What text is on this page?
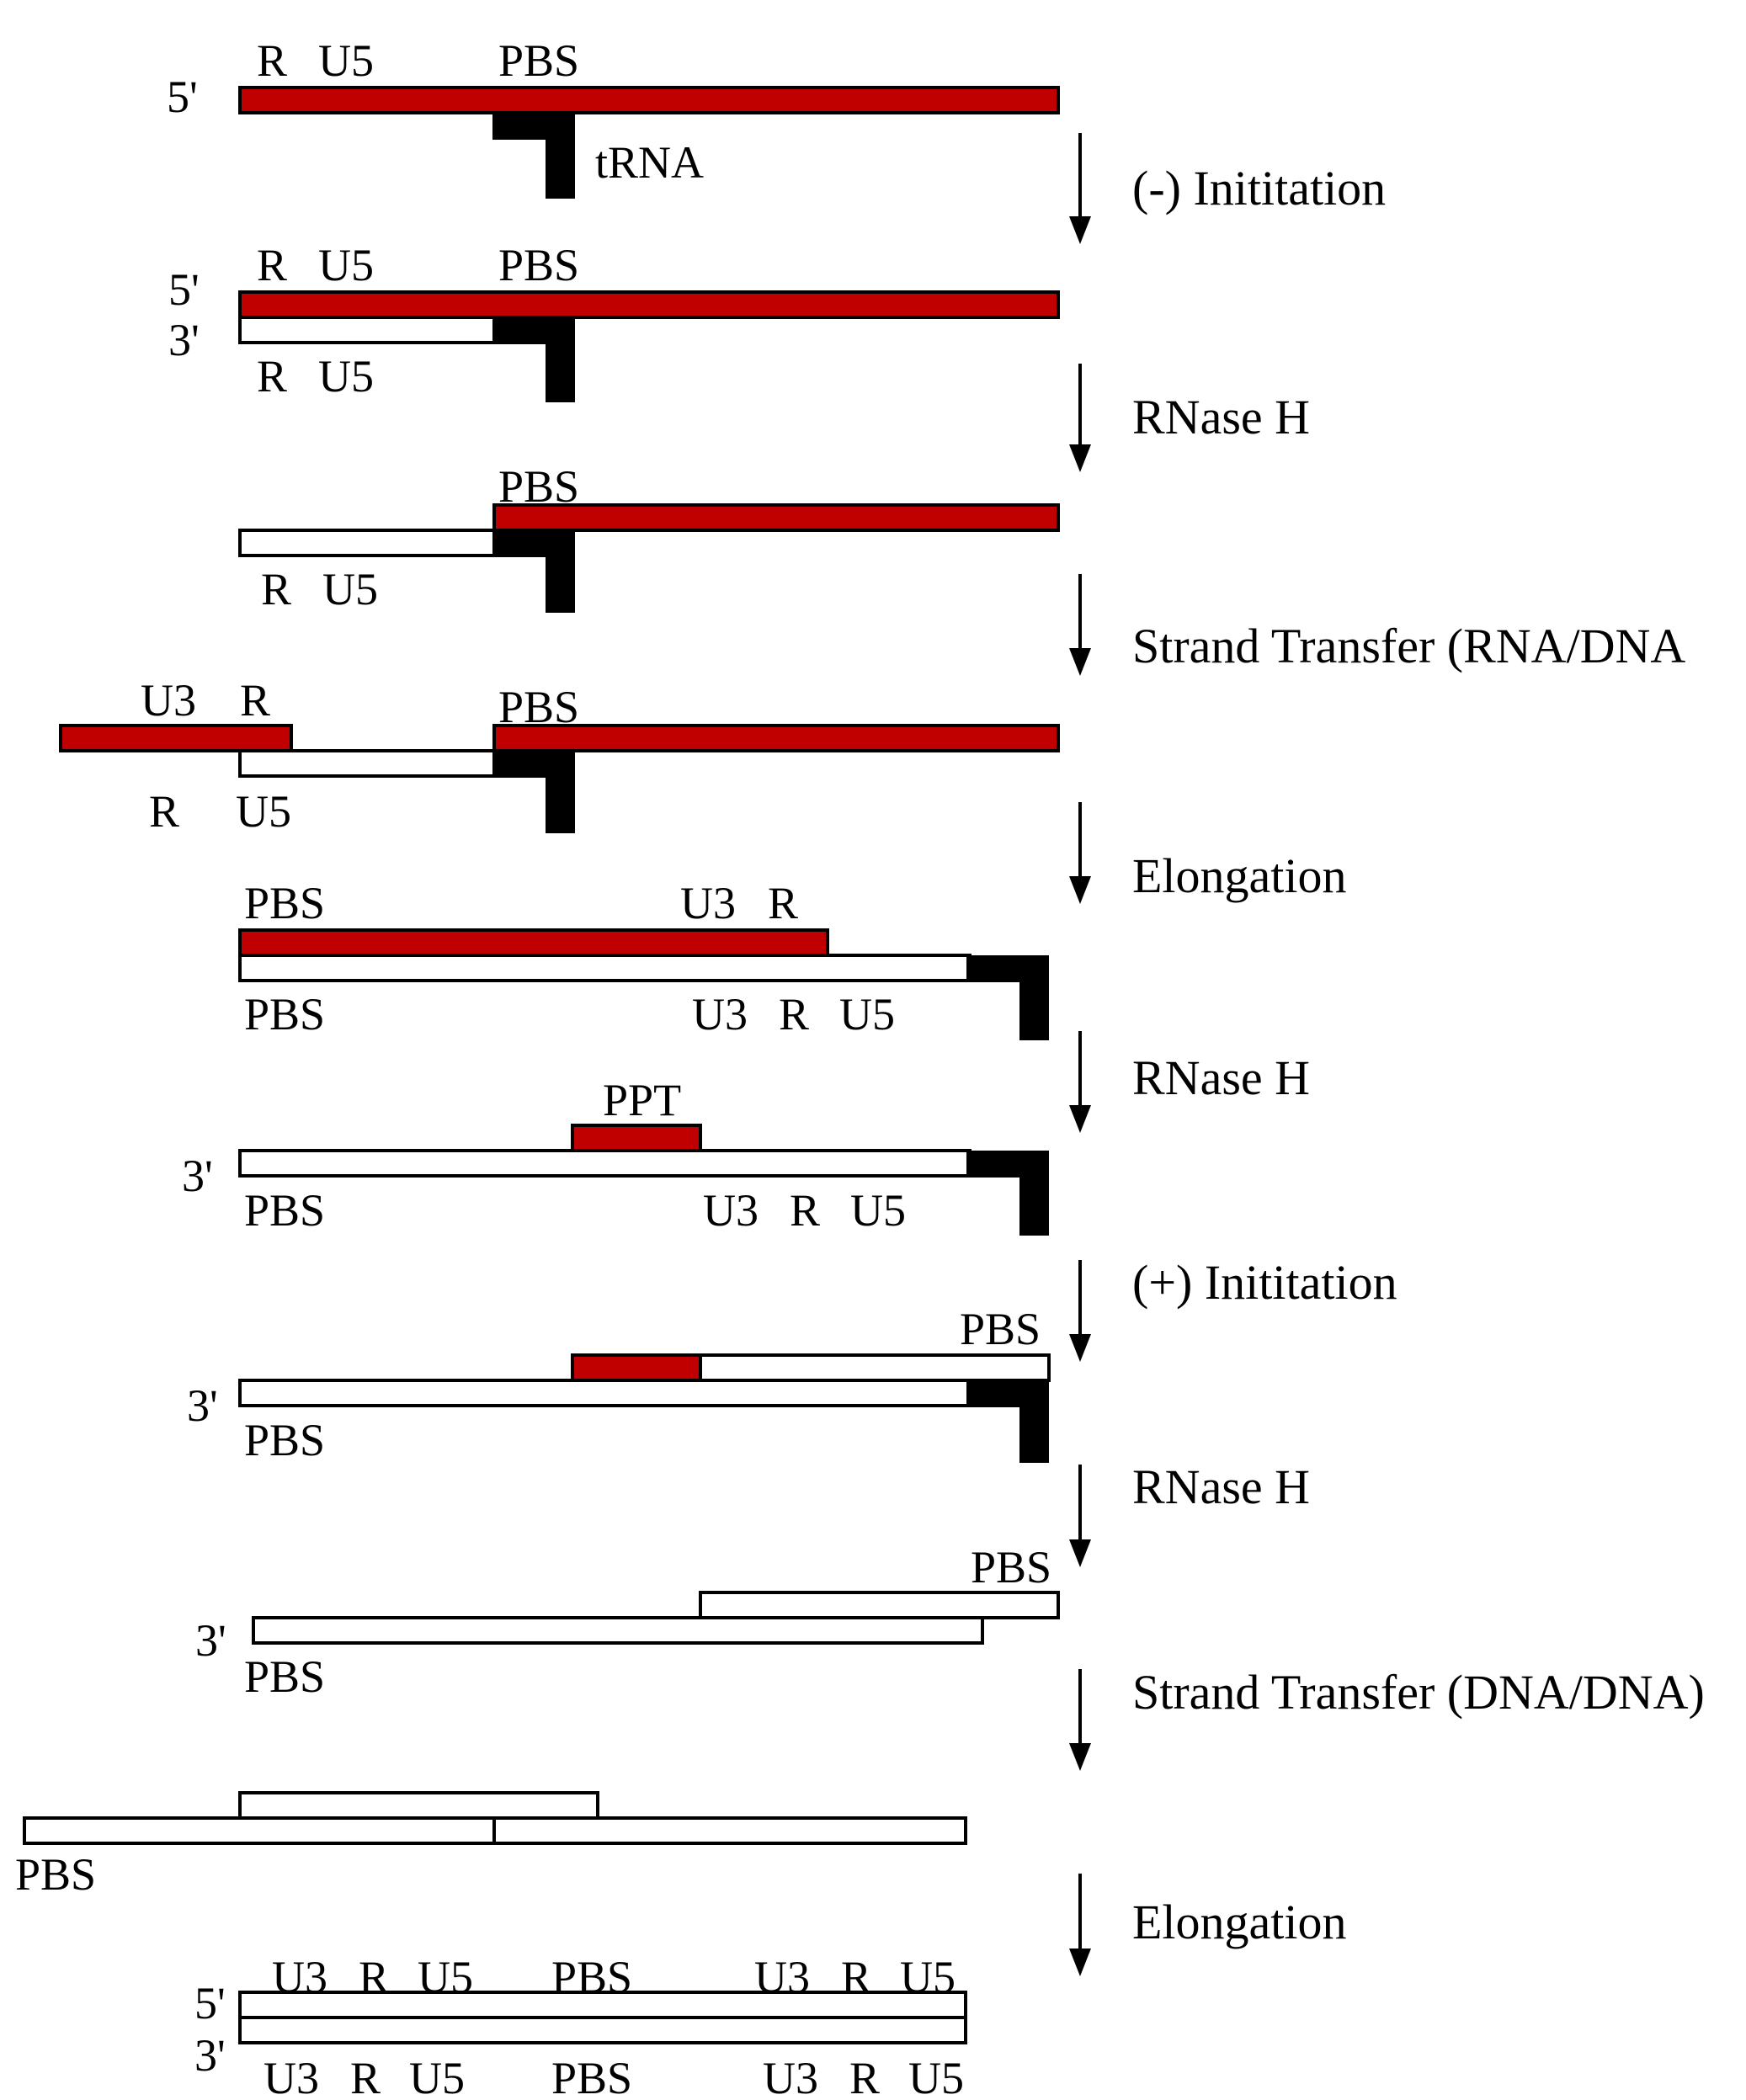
5'
R U5	PBS
tRNA
5'
3'
R U5	PBS
R U5
PBS
R U5
U3 R	PBS
R U5
PBS	U3 R
PBS	U3 R U5
PPT
3'
PBS	U3 R U5
PBS
3'
PBS
PBS
3'
PBS
PBS
5'
3'
U3 R U5 PBS	U3 R U5
U3 R U5 PBS	U3 R U5
(-) Inititation
RNase H
Strand Transfer (RNA/DNA
Elongation
RNase H
(+) Inititation
RNase H
Strand Transfer (DNA/DNA)
Elongation
